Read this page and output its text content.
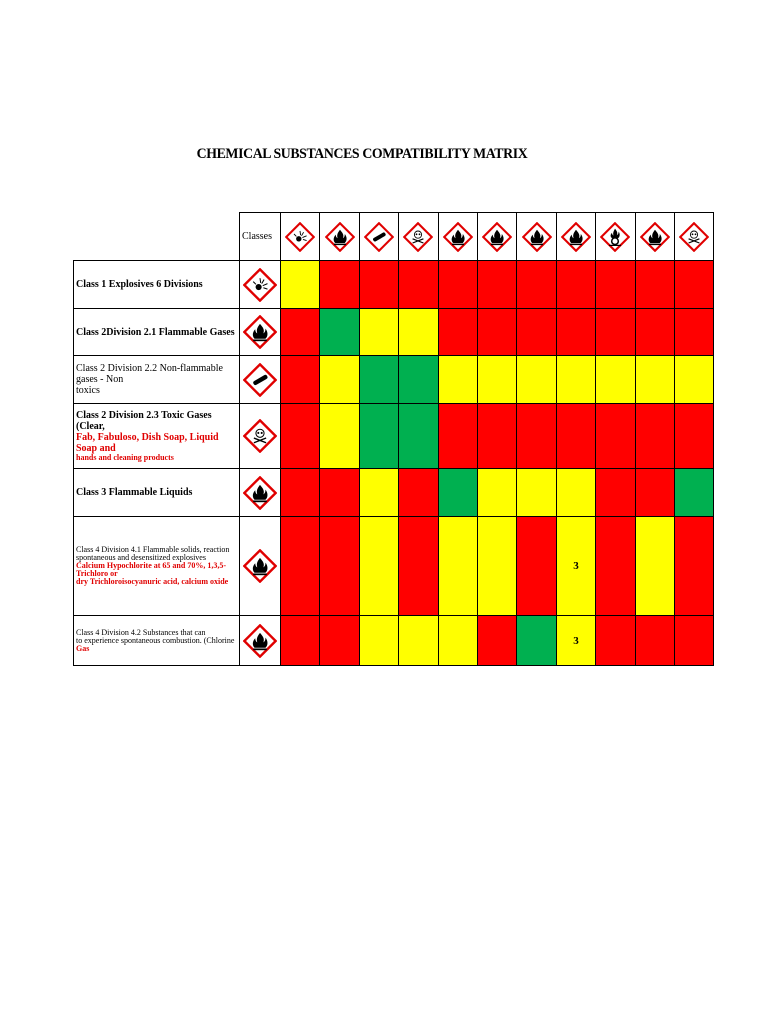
CHEMICAL SUBSTANCES COMPATIBILITY MATRIX
Classes
Class 1 Explosives 6 Divisions
Class 2Division 2.1 Flammable Gases
Class 2 Division 2.2 Non-flammable gases - Non
toxics
Class 2 Division 2.3 Toxic Gases (Clear,
Fab, Fabuloso, Dish Soap, Liquid Soap and
hands and cleaning products
Class 3 Flammable Liquids
Class 4 Division 4.1 Flammable solids, reaction
spontaneous and desensitized explosives
Calcium Hypochlorite at 65 and 70%, 1,3,5-Trichloro or
dry Trichloroisocyanuric acid, calcium oxide
3
Class 4 Division 4.2 Substances that can
to experience spontaneous combustion. (Chlorine
Gas
3
